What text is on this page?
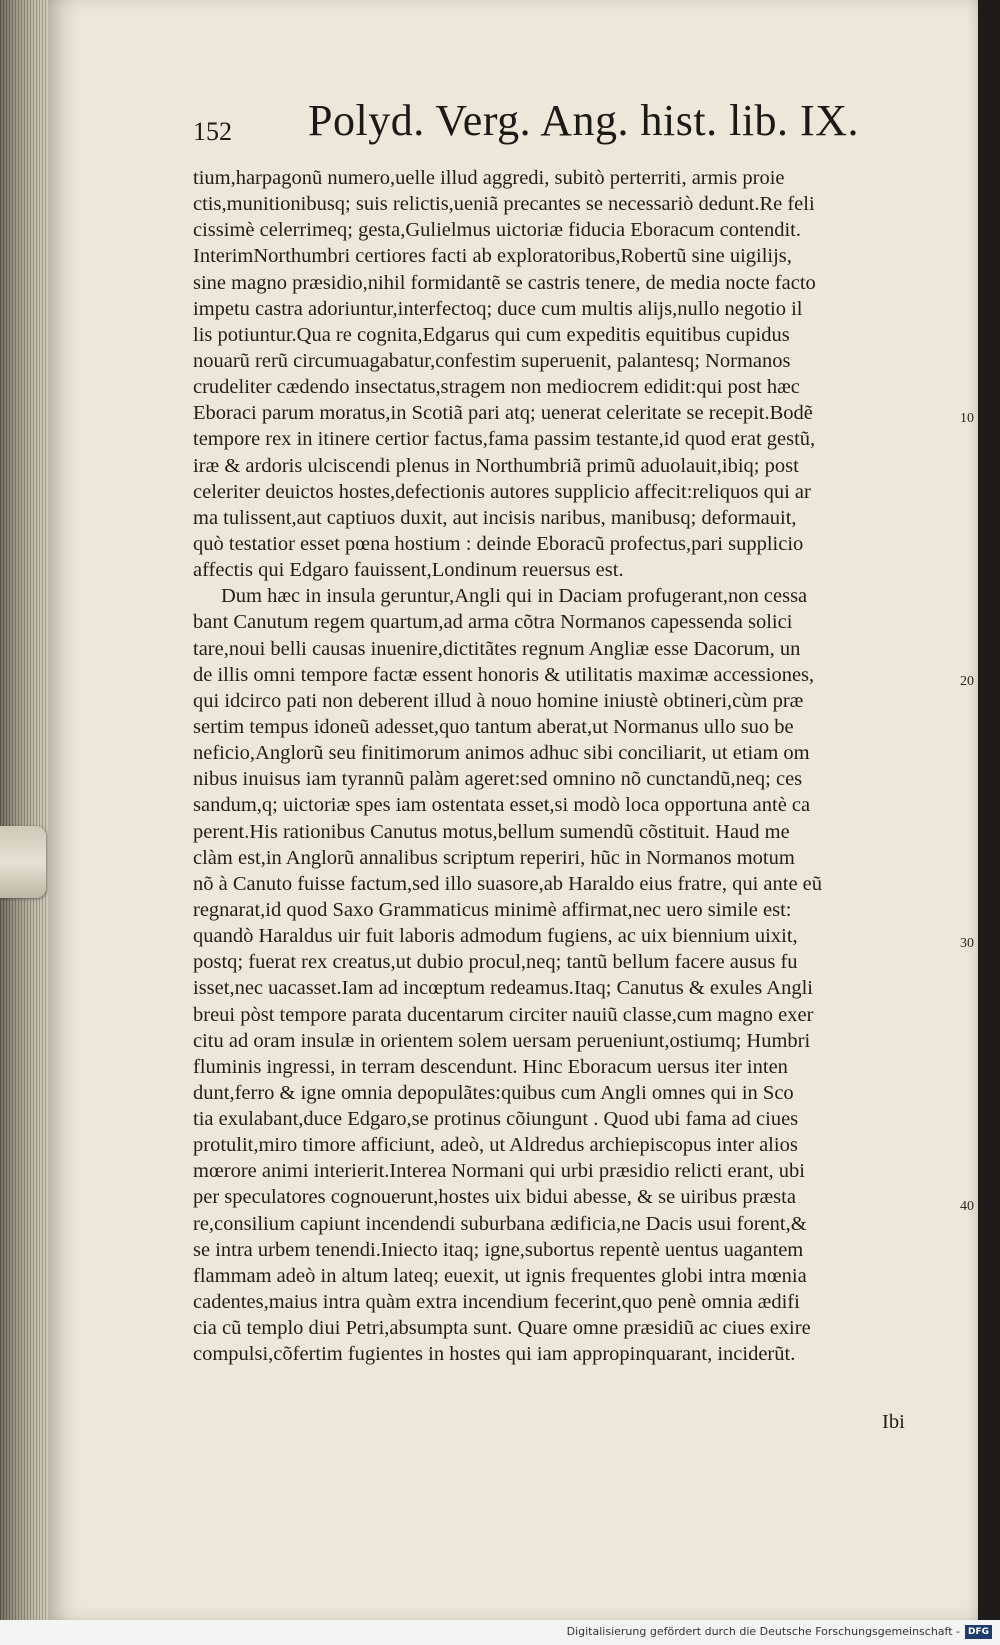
152 Polyd. Verg. Ang. hist. lib. IX.
tium,harpagonũ numero,uelle illud aggredi, subitò perterriti, armis proie
ctis,munitionibusq; suis relictis,ueniã precantes se necessariò dedunt.Re feli
cissimè celerrimeq; gesta,Gulielmus uictoriæ fiducia Eboracum contendit.
InterimNorthumbri certiores facti ab exploratoribus,Robertũ sine uigilijs,
sine magno præsidio,nihil formidantẽ se castris tenere, de media nocte facto
impetu castra adoriuntur,interfectoq; duce cum multis alijs,nullo negotio il
lis potiuntur.Qua re cognita,Edgarus qui cum expeditis equitibus cupidus
nouarũ rerũ circumuagabatur,confestim superuenit, palantesq; Normanos
crudeliter cædendo insectatus,stragem non mediocrem edidit:qui post hæc
Eboraci parum moratus,in Scotiã pari atq; uenerat celeritate se recepit.Bodẽ
tempore rex in itinere certior factus,fama passim testante,id quod erat gestũ,
iræ & ardoris ulciscendi plenus in Northumbriã primũ aduolauit,ibiq; post
celeriter deuictos hostes,defectionis autores supplicio affecit:reliquos qui ar
ma tulissent,aut captiuos duxit, aut incisis naribus, manibusq; deformauit,
quò testatior esset pœna hostium : deinde Eboracũ profectus,pari supplicio
affectis qui Edgaro fauissent,Londinum reuersus est.
Dum hæc in insula geruntur,Angli qui in Daciam profugerant,non cessa
bant Canutum regem quartum,ad arma cõtra Normanos capessenda solici
tare,noui belli causas inuenire,dictitãtes regnum Angliæ esse Dacorum, un
de illis omni tempore factæ essent honoris & utilitatis maximæ accessiones,
qui idcirco pati non deberent illud à nouo homine iniustè obtineri,cùm præ
sertim tempus idoneũ adesset,quo tantum aberat,ut Normanus ullo suo be
neficio,Anglorũ seu finitimorum animos adhuc sibi conciliarit, ut etiam om
nibus inuisus iam tyrannũ palàm ageret:sed omnino nõ cunctandũ,neq; ces
sandum,q; uictoriæ spes iam ostentata esset,si modò loca opportuna antè ca
perent.His rationibus Canutus motus,bellum sumendũ cõstituit. Haud me
clàm est,in Anglorũ annalibus scriptum reperiri, hũc in Normanos motum
nõ à Canuto fuisse factum,sed illo suasore,ab Haraldo eius fratre, qui ante eũ
regnarat,id quod Saxo Grammaticus minimè affirmat,nec uero simile est:
quandò Haraldus uir fuit laboris admodum fugiens, ac uix biennium uixit,
postq; fuerat rex creatus,ut dubio procul,neq; tantũ bellum facere ausus fu
isset,nec uacasset.Iam ad incœptum redeamus.Itaq; Canutus & exules Angli
breui pòst tempore parata ducentarum circiter nauiũ classe,cum magno exer
citu ad oram insulæ in orientem solem uersam perueniunt,ostiumq; Humbri
fluminis ingressi, in terram descendunt. Hinc Eboracum uersus iter inten
dunt,ferro & igne omnia depopulãtes:quibus cum Angli omnes qui in Sco
tia exulabant,duce Edgaro,se protinus cõiungunt . Quod ubi fama ad ciues
protulit,miro timore afficiunt, adeò, ut Aldredus archiepiscopus inter alios
mœrore animi interierit.Interea Normani qui urbi præsidio relicti erant, ubi
per speculatores cognouerunt,hostes uix bidui abesse, & se uiribus præsta
re,consilium capiunt incendendi suburbana ædificia,ne Dacis usui forent,&
se intra urbem tenendi.Iniecto itaq; igne,subortus repentè uentus uagantem
flammam adeò in altum lateq; euexit, ut ignis frequentes globi intra mœnia
cadentes,maius intra quàm extra incendium fecerint,quo penè omnia ædifi
cia cũ templo diui Petri,absumpta sunt. Quare omne præsidiũ ac ciues exire
compulsi,cõfertim fugientes in hostes qui iam appropinquarant, inciderũt.
Ibi
10
20
30
40
Digitalisierung gefördert durch die Deutsche Forschungsgemeinschaft - DFG
